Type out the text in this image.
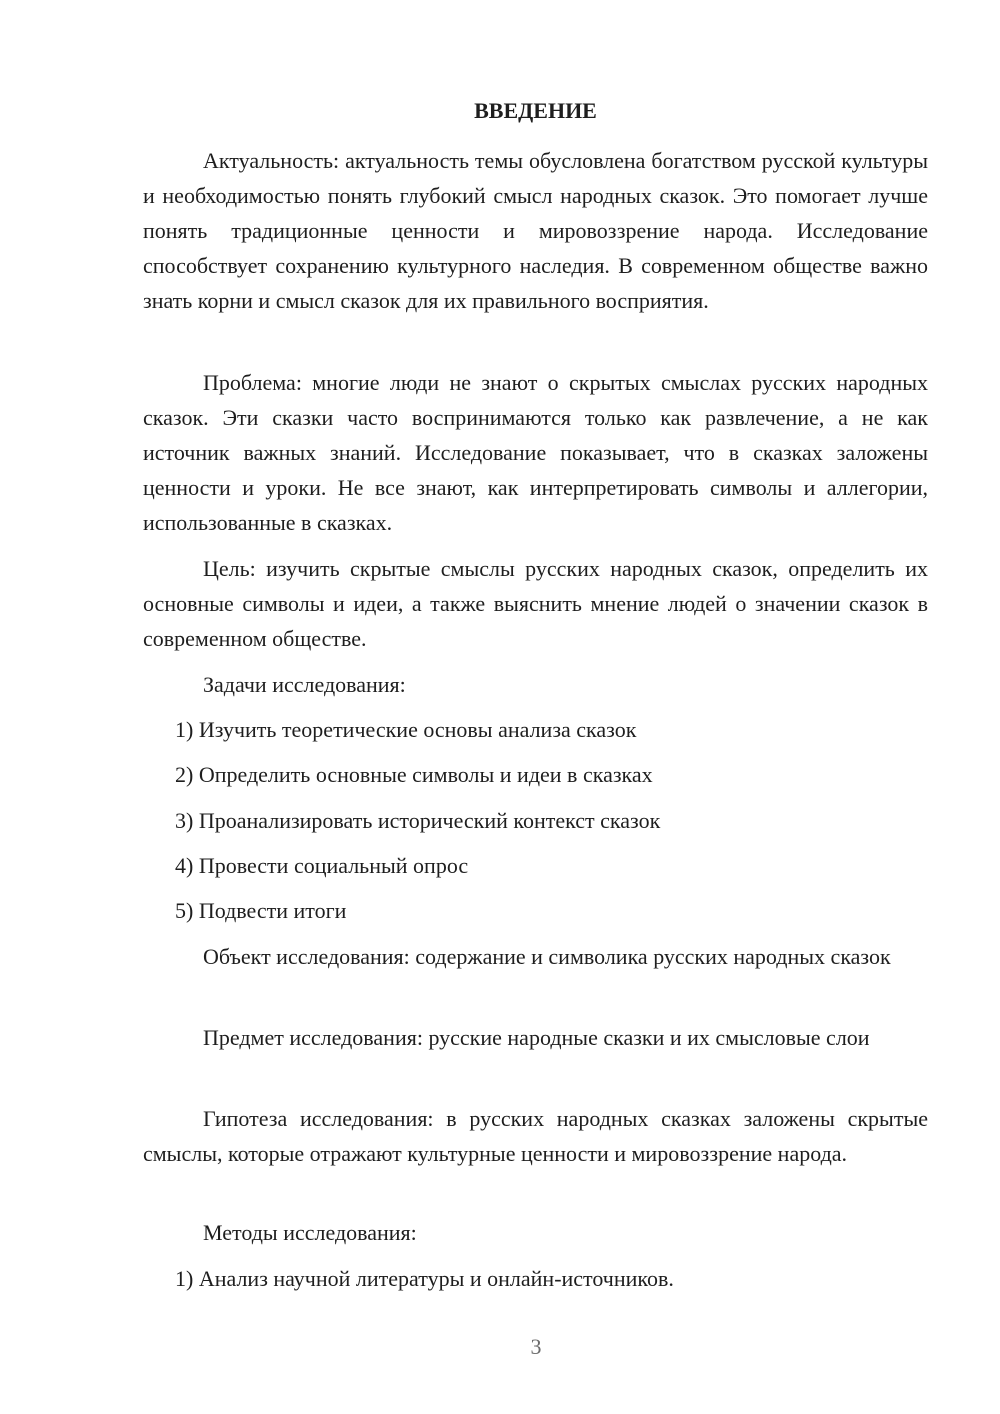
ВВЕДЕНИЕ
Актуальность: актуальность темы обусловлена богатством русской культуры и необходимостью понять глубокий смысл народных сказок. Это помогает лучше понять традиционные ценности и мировоззрение народа. Исследование способствует сохранению культурного наследия. В современном обществе важно знать корни и смысл сказок для их правильного восприятия.
Проблема: многие люди не знают о скрытых смыслах русских народных сказок. Эти сказки часто воспринимаются только как развлечение, а не как источник важных знаний. Исследование показывает, что в сказках заложены ценности и уроки. Не все знают, как интерпретировать символы и аллегории, использованные в сказках.
Цель: изучить скрытые смыслы русских народных сказок, определить их основные символы и идеи, а также выяснить мнение людей о значении сказок в современном обществе.
Задачи исследования:
1) Изучить теоретические основы анализа сказок
2) Определить основные символы и идеи в сказках
3) Проанализировать исторический контекст сказок
4) Провести социальный опрос
5) Подвести итоги
Объект исследования: содержание и символика русских народных сказок
Предмет исследования: русские народные сказки и их смысловые слои
Гипотеза исследования: в русских народных сказках заложены скрытые смыслы, которые отражают культурные ценности и мировоззрение народа.
Методы исследования:
1) Анализ научной литературы и онлайн-источников.
3
